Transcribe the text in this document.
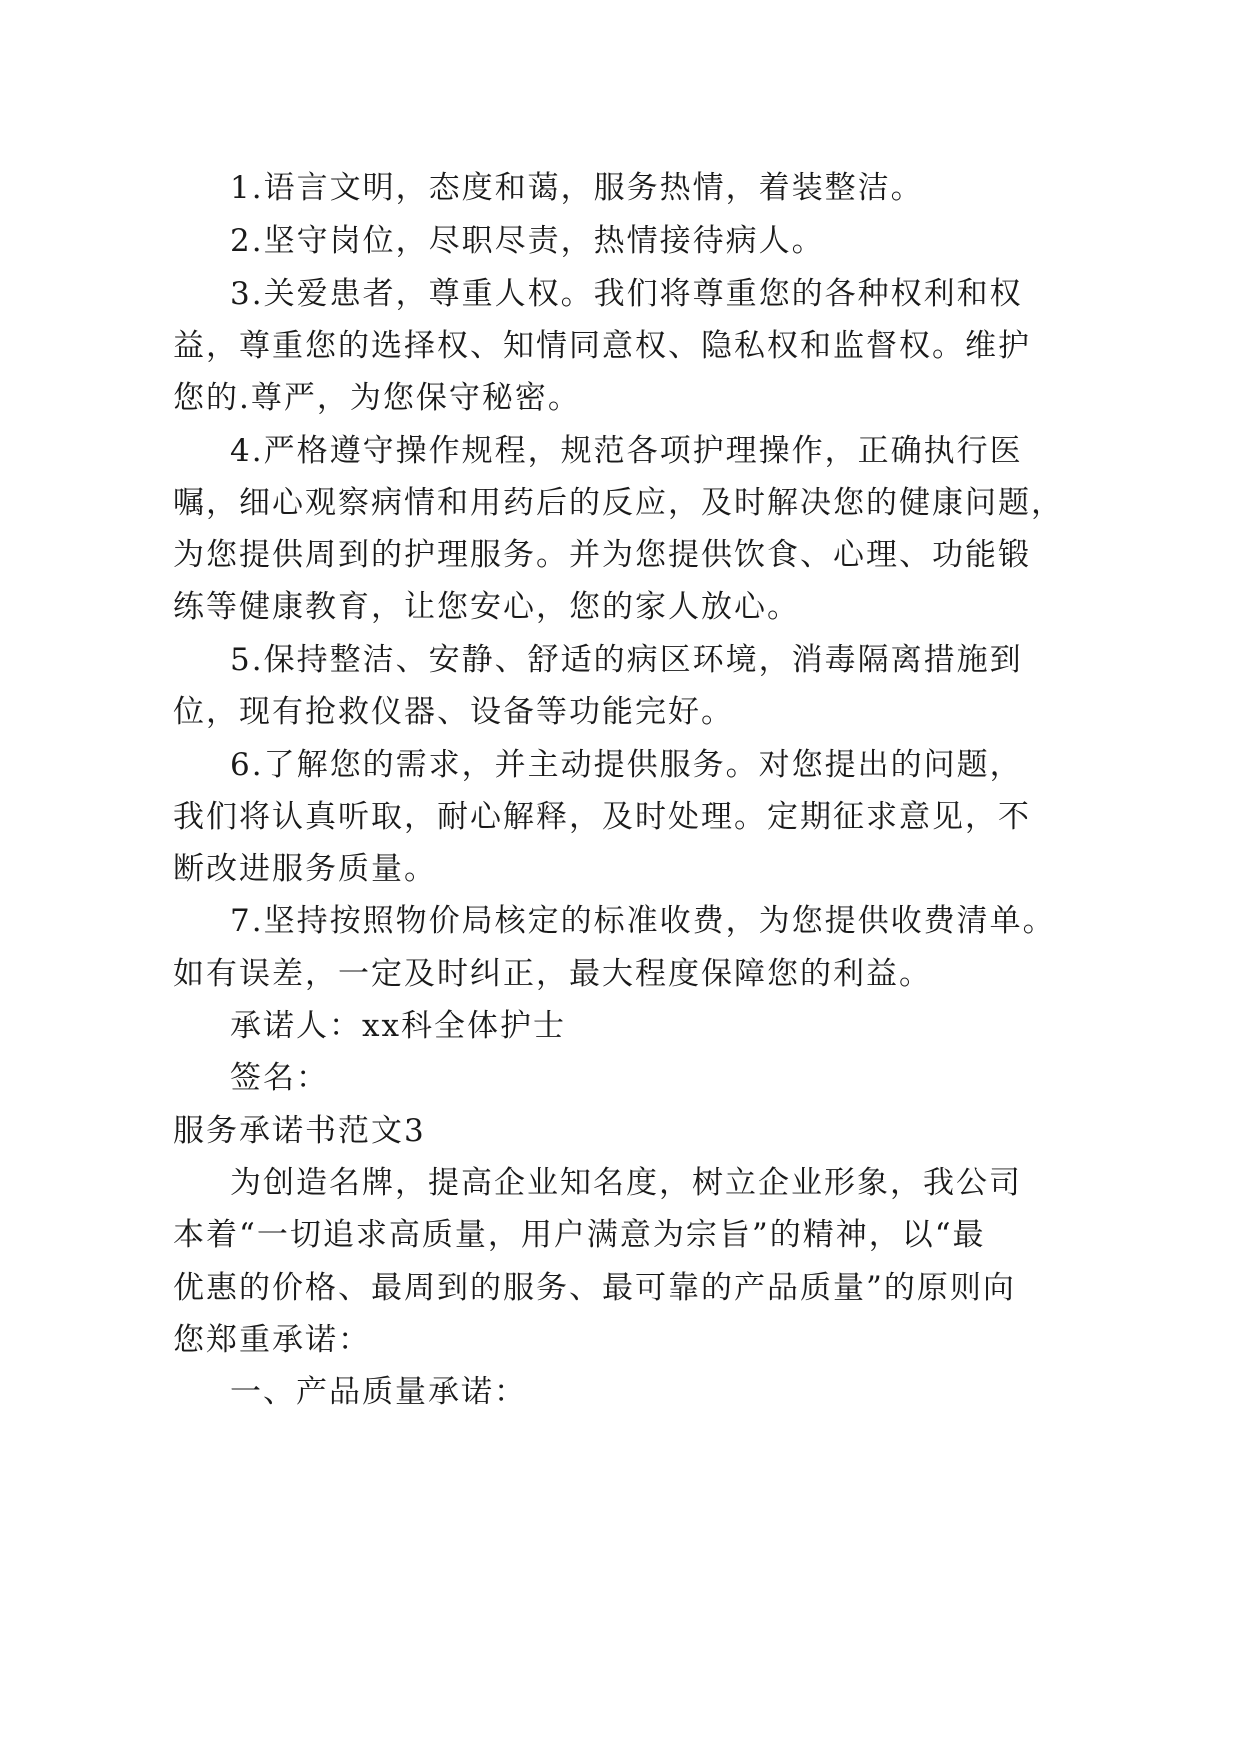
1.语言文明，态度和蔼，服务热情，着装整洁。
2.坚守岗位，尽职尽责，热情接待病人。
3.关爱患者，尊重人权。我们将尊重您的各种权利和权
益，尊重您的选择权、知情同意权、隐私权和监督权。维护
您的.尊严，为您保守秘密。
4.严格遵守操作规程，规范各项护理操作，正确执行医
嘱，细心观察病情和用药后的反应，及时解决您的健康问题，
为您提供周到的护理服务。并为您提供饮食、心理、功能锻
练等健康教育，让您安心，您的家人放心。
5.保持整洁、安静、舒适的病区环境，消毒隔离措施到
位，现有抢救仪器、设备等功能完好。
6.了解您的需求，并主动提供服务。对您提出的问题，
我们将认真听取，耐心解释，及时处理。定期征求意见，不
断改进服务质量。
7.坚持按照物价局核定的标准收费，为您提供收费清单。
如有误差，一定及时纠正，最大程度保障您的利益。
承诺人：xx科全体护士
签名：
服务承诺书范文3
为创造名牌，提高企业知名度，树立企业形象，我公司
本着“一切追求高质量，用户满意为宗旨”的精神，以“最
优惠的价格、最周到的服务、最可靠的产品质量”的原则向
您郑重承诺：
一、产品质量承诺：
